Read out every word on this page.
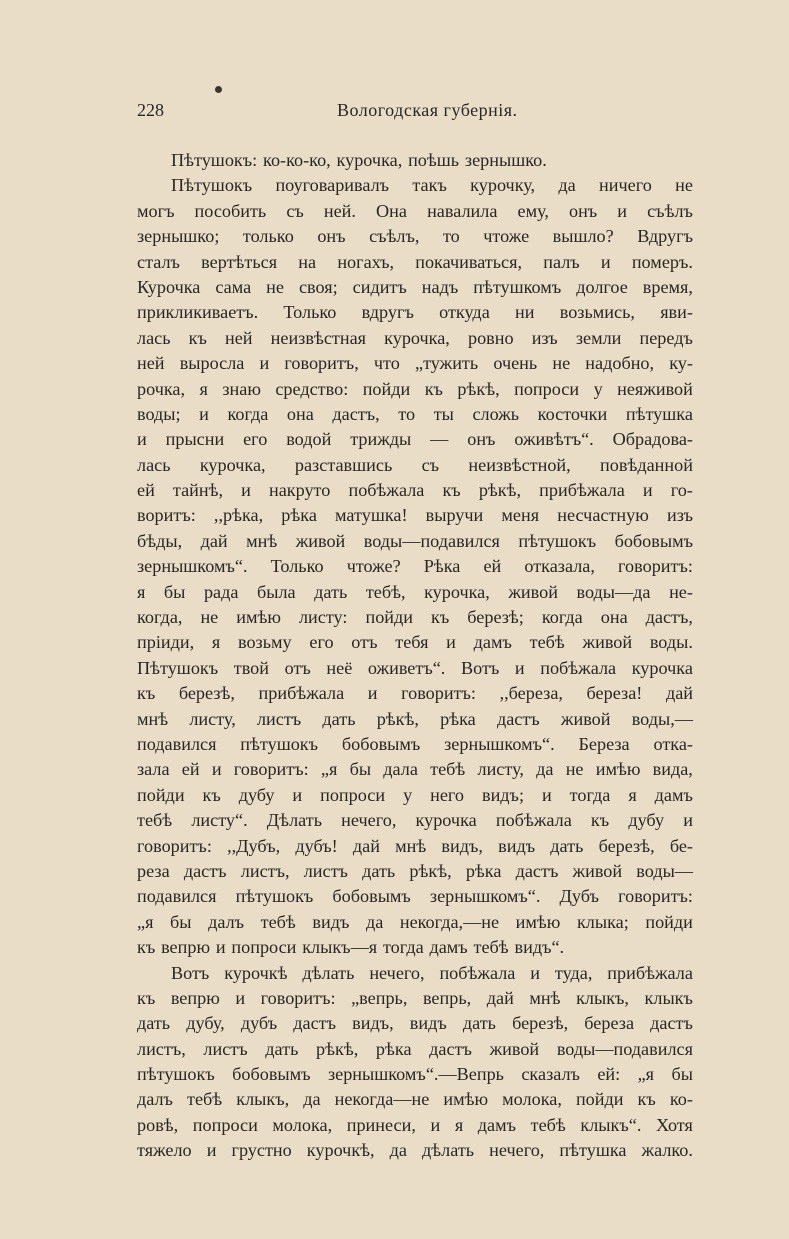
228	Вологодская губернія.
Пѣтушокъ: ко-ко-ко, курочка, поѣшь зернышко.
Пѣтушокъ поуговаривалъ такъ курочку, да ничего не
могъ пособить съ ней. Она навалила ему, онъ и съѣлъ
зернышко; только онъ съѣлъ, то чтоже вышло? Вдругъ
сталъ вертѣться на ногахъ, покачиваться, палъ и померъ.
Курочка сама не своя; сидитъ надъ пѣтушкомъ долгое время,
прикликиваетъ. Только вдругъ откуда ни возьмись, яви-
лась къ ней неизвѣстная курочка, ровно изъ земли передъ
ней выросла и говоритъ, что „тужить очень не надобно, ку-
рочка, я знаю средство: пойди къ рѣкѣ, попроси у неяживой
воды; и когда она дастъ, то ты сложь косточки пѣтушка
и прысни его водой трижды — онъ оживѣтъ“. Обрадова-
лась курочка, разставшись съ неизвѣстной, повѣданной
ей тайнѣ, и накруто побѣжала къ рѣкѣ, прибѣжала и го-
воритъ: ,,рѣка, рѣка матушка! выручи меня несчастную изъ
бѣды, дай мнѣ живой воды—подавился пѣтушокъ бобовымъ
зернышкомъ“. Только чтоже? Рѣка ей отказала, говоритъ:
я бы рада была дать тебѣ, курочка, живой воды—да не-
когда, не имѣю листу: пойди къ березѣ; когда она дастъ,
пріиди, я возьму его отъ тебя и дамъ тебѣ живой воды.
Пѣтушокъ твой отъ неё оживетъ“. Вотъ и побѣжала курочка
къ березѣ, прибѣжала и говоритъ: ,,береза, береза! дай
мнѣ листу, листъ дать рѣкѣ, рѣка дастъ живой воды,—
подавился пѣтушокъ бобовымъ зернышкомъ“. Береза отка-
зала ей и говоритъ: „я бы дала тебѣ листу, да не имѣю вида,
пойди къ дубу и попроси у него видъ; и тогда я дамъ
тебѣ листу“. Дѣлать нечего, курочка побѣжала къ дубу и
говоритъ: ,,Дубъ, дубъ! дай мнѣ видъ, видъ дать березѣ, бе-
реза дастъ листъ, листъ дать рѣкѣ, рѣка дастъ живой воды—
подавился пѣтушокъ бобовымъ зернышкомъ“. Дубъ говоритъ:
„я бы далъ тебѣ видъ да некогда,—не имѣю клыка; пойди
къ вепрю и попроси клыкъ—я тогда дамъ тебѣ видъ“.
Вотъ курочкѣ дѣлать нечего, побѣжала и туда, прибѣжала
къ вепрю и говоритъ: „вепрь, вепрь, дай мнѣ клыкъ, клыкъ
дать дубу, дубъ дастъ видъ, видъ дать березѣ, береза дастъ
листъ, листъ дать рѣкѣ, рѣка дастъ живой воды—подавился
пѣтушокъ бобовымъ зернышкомъ“.—Вепрь сказалъ ей: „я бы
далъ тебѣ клыкъ, да некогда—не имѣю молока, пойди къ ко-
ровѣ, попроси молока, принеси, и я дамъ тебѣ клыкъ“. Хотя
тяжело и грустно курочкѣ, да дѣлать нечего, пѣтушка жалко.
